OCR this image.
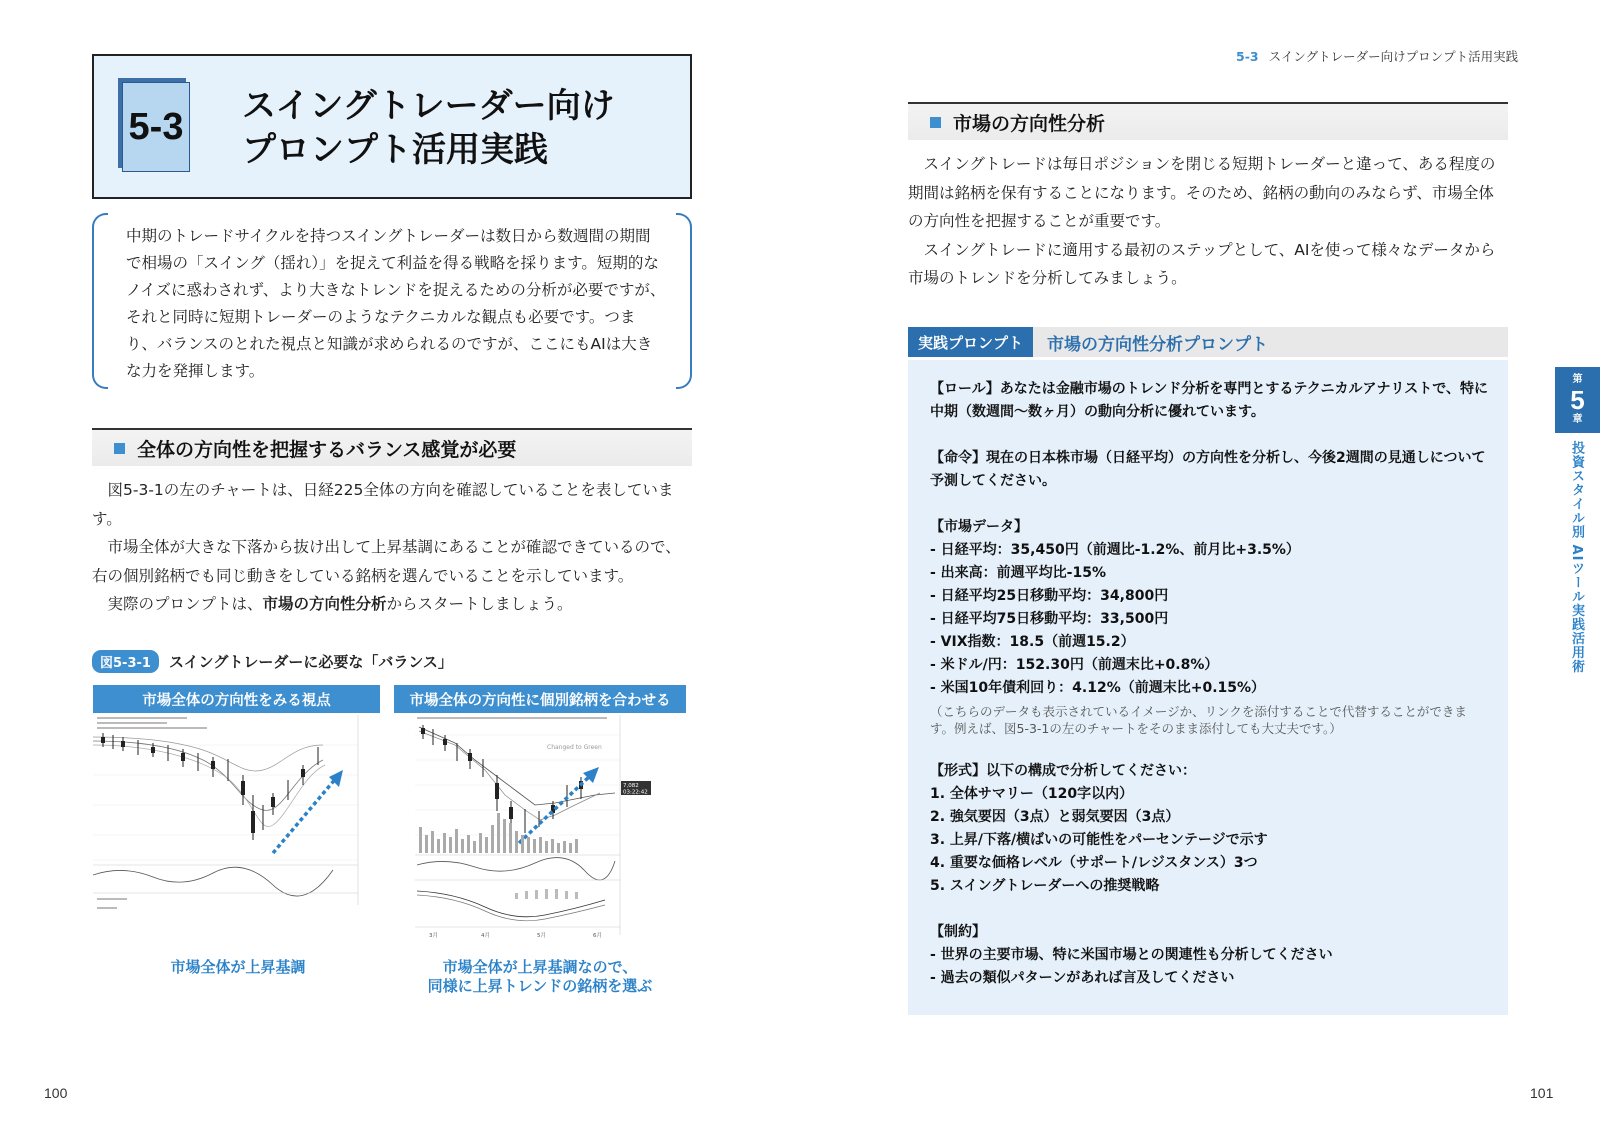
5-3 スイングトレーダー向け
プロンプト活用実践
中期のトレードサイクルを持つスイングトレーダーは数日から数週間の期間で相場の「スイング（揺れ）」を捉えて利益を得る戦略を採ります。短期的なノイズに惑わされず、より大きなトレンドを捉えるための分析が必要ですが、それと同時に短期トレーダーのようなテクニカルな観点も必要です。つまり、バランスのとれた視点と知識が求められるのですが、ここにもAIは大きな力を発揮します。
全体の方向性を把握するバランス感覚が必要

図5-3-1の左のチャートは、日経225全体の方向を確認していることを表しています。

市場全体が大きな下落から抜け出して上昇基調にあることが確認できているので、右の個別銘柄でも同じ動きをしている銘柄を選んでいることを示しています。

実際のプロンプトは、市場の方向性分析からスタートしましょう。

図5-3-1	スイングトレーダーに必要な「バランス」
市場全体の方向性をみる視点	市場全体の方向性に個別銘柄を合わせる
Changed to Green
7,082
03:22:42
3月	4月	5月	6月
市場全体が上昇基調	市場全体が上昇基調なので、
同様に上昇トレンドの銘柄を選ぶ
100
5-3 スイングトレーダー向けプロンプト活用実践
市場の方向性分析

スイングトレードは毎日ポジションを閉じる短期トレーダーと違って、ある程度の期間は銘柄を保有することになります。そのため、銘柄の動向のみならず、市場全体の方向性を把握することが重要です。

スイングトレードに適用する最初のステップとして、AIを使って様々なデータから市場のトレンドを分析してみましょう。

実践プロンプト	市場の方向性分析プロンプト
【ロール】あなたは金融市場のトレンド分析を専門とするテクニカルアナリストで、特に中期（数週間〜数ヶ月）の動向分析に優れています。
【命令】現在の日本株市場（日経平均）の方向性を分析し、今後2週間の見通しについて予測してください。
【市場データ】
- 日経平均：35,450円（前週比-1.2%、前月比+3.5%）
- 出来高：前週平均比-15%
- 日経平均25日移動平均：34,800円
- 日経平均75日移動平均：33,500円
- VIX指数：18.5（前週15.2）
- 米ドル/円：152.30円（前週末比+0.8%）
- 米国10年債利回り：4.12%（前週末比+0.15%）
（こちらのデータも表示されているイメージか、リンクを添付することで代替することができます。例えば、図5-3-1の左のチャートをそのまま添付しても大丈夫です。）
【形式】以下の構成で分析してください：
1. 全体サマリー（120字以内）
2. 強気要因（3点）と弱気要因（3点）
3. 上昇/下落/横ばいの可能性をパーセンテージで示す
4. 重要な価格レベル（サポート/レジスタンス）3つ
5. スイングトレーダーへの推奨戦略
【制約】
- 世界の主要市場、特に米国市場との関連性も分析してください
- 過去の類似パターンがあれば言及してください
第
5
章
投資スタイル別 AIツール実践活用術
101
